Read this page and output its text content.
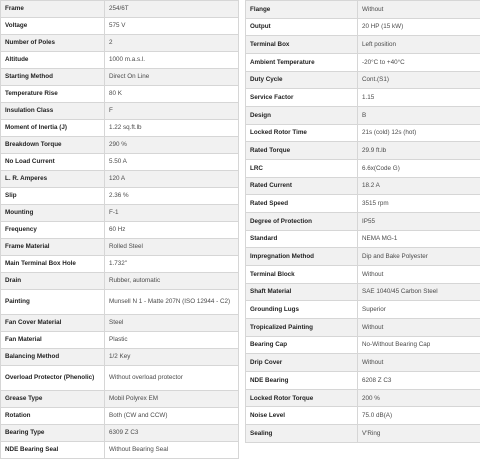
Frame	254/6T
Voltage	575 V
Number of Poles	2
Altitude	1000 m.a.s.l.
Starting Method	Direct On Line
Temperature Rise	80 K
Insulation Class	F
Moment of Inertia (J)	1.22 sq.ft.lb
Breakdown Torque	290 %
No Load Current	5.50 A
L. R. Amperes	120 A
Slip	2.36 %
Mounting	F-1
Frequency	60 Hz
Frame Material	Rolled Steel
Main Terminal Box Hole	1.732"
Drain	Rubber, automatic
Painting	Munsell N 1 - Matte 207N (ISO 12944 - C2)
Fan Cover Material	Steel
Fan Material	Plastic
Balancing Method	1/2 Key
Overload Protector (Phenolic)	Without overload protector
Grease Type	Mobil Polyrex EM
Rotation	Both (CW and CCW)
Bearing Type	6309 Z C3
NDE Bearing Seal	Without Bearing Seal
Flange	Without
Output	20 HP (15 kW)
Terminal Box	Left position
Ambient Temperature	-20°C to +40°C
Duty Cycle	Cont.(S1)
Service Factor	1.15
Design	B
Locked Rotor Time	21s (cold) 12s (hot)
Rated Torque	29.9 ft.lb
LRC	6.6x(Code G)
Rated Current	18.2 A
Rated Speed	3515 rpm
Degree of Protection	IP55
Standard	NEMA MG-1
Impregnation Method	Dip and Bake Polyester
Terminal Block	Without
Shaft Material	SAE 1040/45 Carbon Steel
Grounding Lugs	Superior
Tropicalized Painting	Without
Bearing Cap	No-Without Bearing Cap
Drip Cover	Without
NDE Bearing	6208 Z C3
Locked Rotor Torque	200 %
Noise Level	75.0 dB(A)
Sealing	V'Ring
